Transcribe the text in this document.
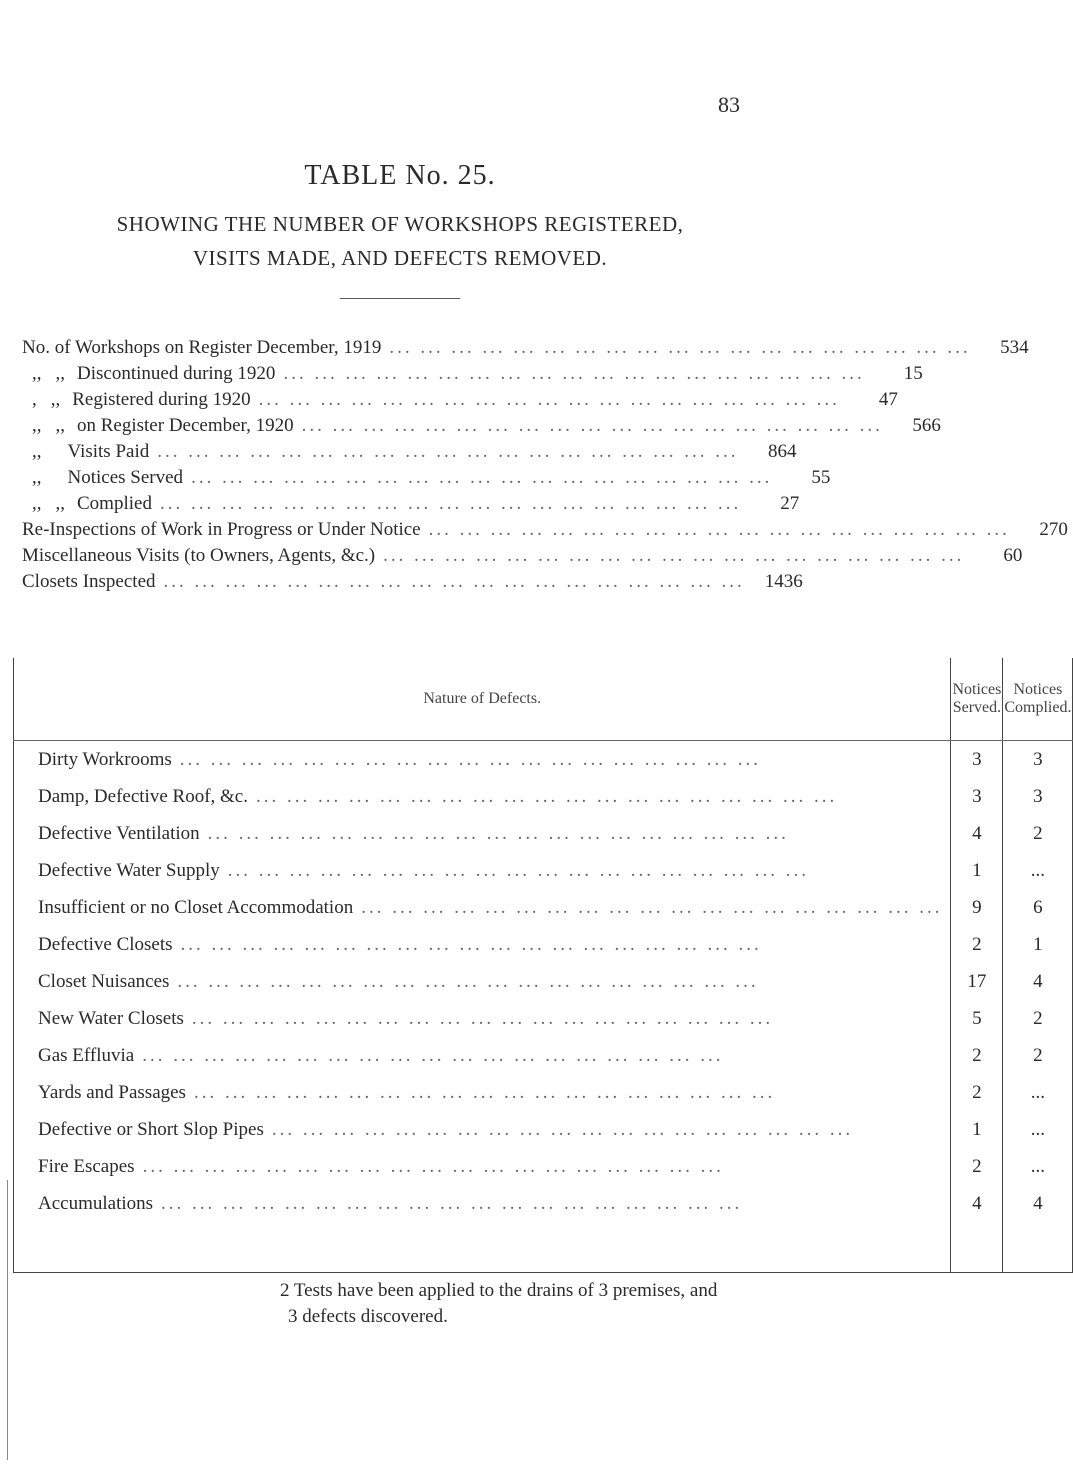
83
TABLE No. 25.
SHOWING THE NUMBER OF WORKSHOPS REGISTERED,
VISITS MADE, AND DEFECTS REMOVED.
No. of Workshops on Register December, 1919 ... ... ... ... ... ... ... ... ... ... ... ... ... ... ... ... ... ... ...	534
,, ,, Discontinued during 1920 ... ... ... ... ... ... ... ... ... ... ... ... ... ... ... ... ... ... ...	15
, ,, Registered during 1920 ... ... ... ... ... ... ... ... ... ... ... ... ... ... ... ... ... ... ...	47
,, ,, on Register December, 1920 ... ... ... ... ... ... ... ... ... ... ... ... ... ... ... ... ... ... ...	566
,, Visits Paid ... ... ... ... ... ... ... ... ... ... ... ... ... ... ... ... ... ... ...	864
,, Notices Served ... ... ... ... ... ... ... ... ... ... ... ... ... ... ... ... ... ... ...	55
,, ,, Complied ... ... ... ... ... ... ... ... ... ... ... ... ... ... ... ... ... ... ...	27
Re-Inspections of Work in Progress or Under Notice ... ... ... ... ... ... ... ... ... ... ... ... ... ... ... ... ... ... ...	270
Miscellaneous Visits (to Owners, Agents, &c.) ... ... ... ... ... ... ... ... ... ... ... ... ... ... ... ... ... ... ...	60
Closets Inspected ... ... ... ... ... ... ... ... ... ... ... ... ... ... ... ... ... ... ...	1436
Nature of Defects.	Notices Served.	Notices
Complied.

Dirty Workrooms ... ... ... ... ... ... ... ... ... ... ... ... ... ... ... ... ... ... ...	3	3

Damp, Defective Roof, &c. ... ... ... ... ... ... ... ... ... ... ... ... ... ... ... ... ... ... ...	3	3

Defective Ventilation ... ... ... ... ... ... ... ... ... ... ... ... ... ... ... ... ... ... ...	4	2

Defective Water Supply ... ... ... ... ... ... ... ... ... ... ... ... ... ... ... ... ... ... ...	1	...

Insufficient or no Closet Accommodation ... ... ... ... ... ... ... ... ... ... ... ... ... ... ... ... ... ... ...	9	6

Defective Closets ... ... ... ... ... ... ... ... ... ... ... ... ... ... ... ... ... ... ...	2	1

Closet Nuisances ... ... ... ... ... ... ... ... ... ... ... ... ... ... ... ... ... ... ...	17	4

New Water Closets ... ... ... ... ... ... ... ... ... ... ... ... ... ... ... ... ... ... ...	5	2

Gas Effluvia ... ... ... ... ... ... ... ... ... ... ... ... ... ... ... ... ... ... ...	2	2

Yards and Passages ... ... ... ... ... ... ... ... ... ... ... ... ... ... ... ... ... ... ...	2	...

Defective or Short Slop Pipes ... ... ... ... ... ... ... ... ... ... ... ... ... ... ... ... ... ... ...	1	...

Fire Escapes ... ... ... ... ... ... ... ... ... ... ... ... ... ... ... ... ... ... ...	2	...

Accumulations ... ... ... ... ... ... ... ... ... ... ... ... ... ... ... ... ... ... ...	4	4

2 Tests have been applied to the drains of 3 premises, and
3 defects discovered.
